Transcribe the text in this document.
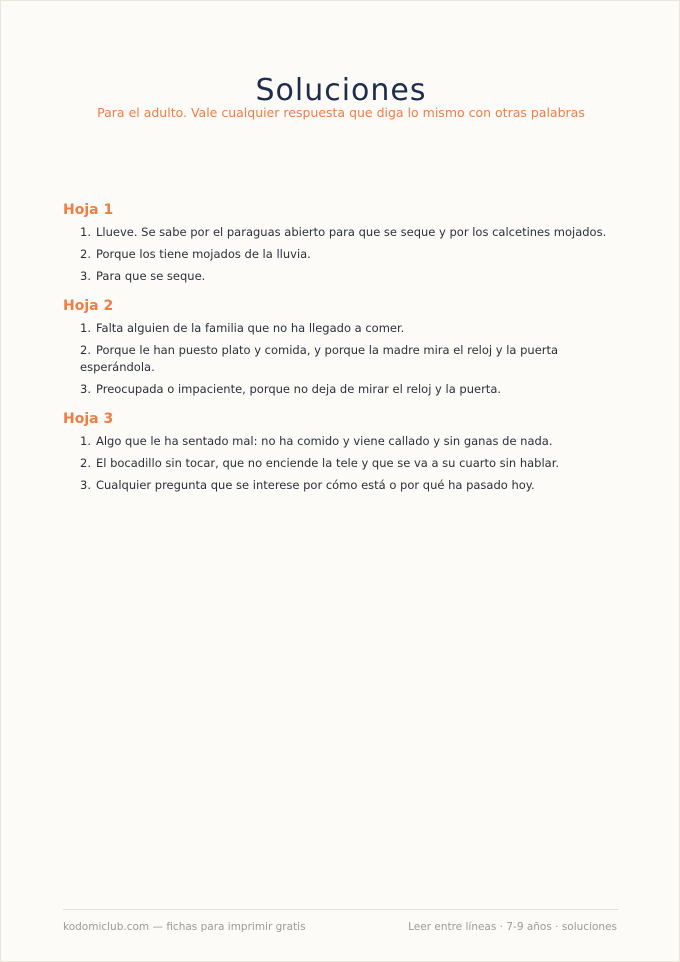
Soluciones
Para el adulto. Vale cualquier respuesta que diga lo mismo con otras palabras
Hoja 1
1. Llueve. Se sabe por el paraguas abierto para que se seque y por los calcetines mojados.
2. Porque los tiene mojados de la lluvia.
3. Para que se seque.
Hoja 2
1. Falta alguien de la familia que no ha llegado a comer.
2. Porque le han puesto plato y comida, y porque la madre mira el reloj y la puerta esperándola.
3. Preocupada o impaciente, porque no deja de mirar el reloj y la puerta.
Hoja 3
1. Algo que le ha sentado mal: no ha comido y viene callado y sin ganas de nada.
2. El bocadillo sin tocar, que no enciende la tele y que se va a su cuarto sin hablar.
3. Cualquier pregunta que se interese por cómo está o por qué ha pasado hoy.
kodomiclub.com — fichas para imprimir gratis	Leer entre líneas · 7-9 años · soluciones
